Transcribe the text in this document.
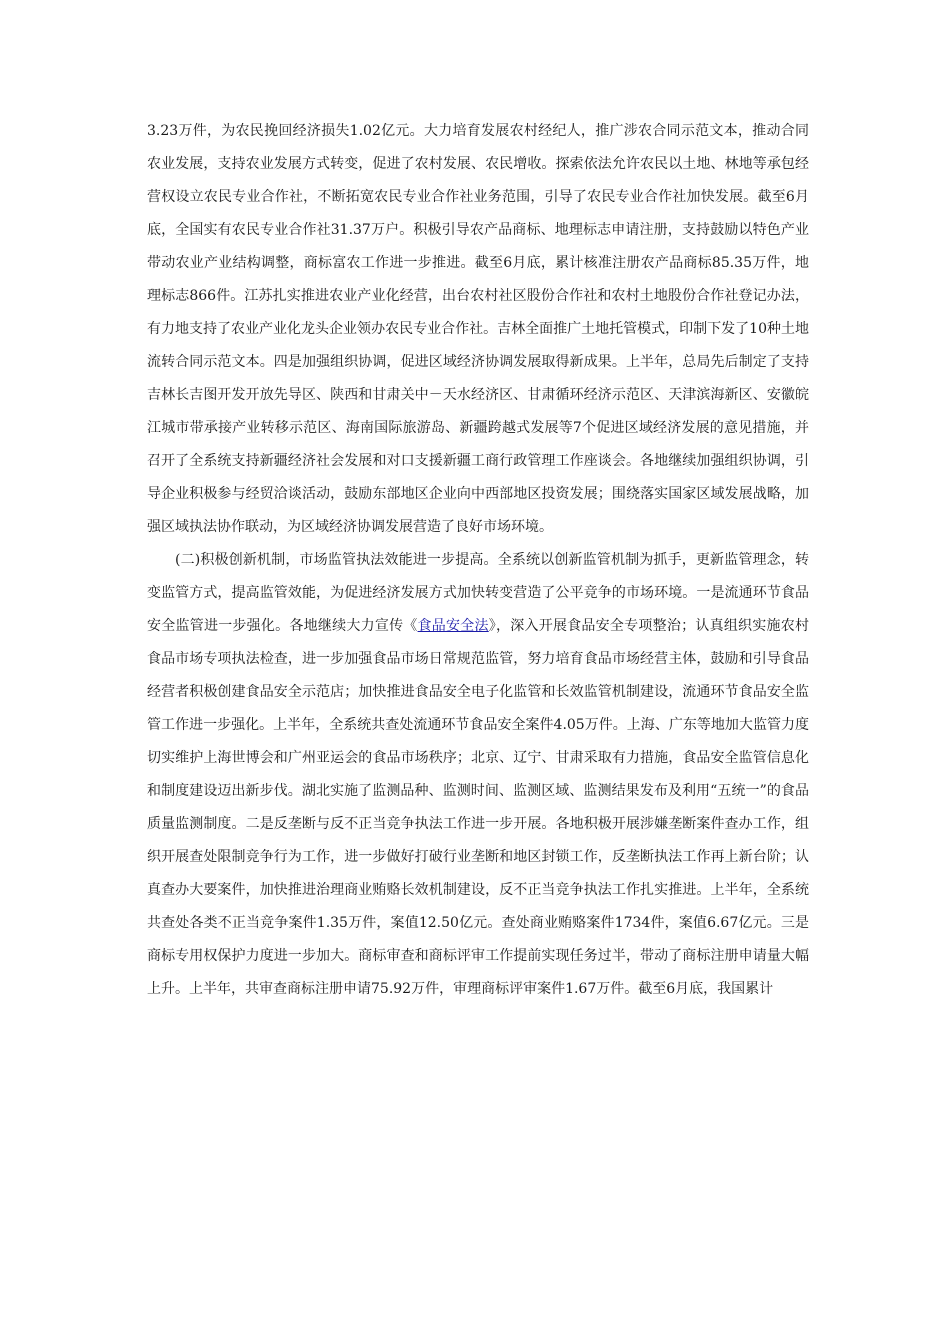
3.23万件，为农民挽回经济损失1.02亿元。大力培育发展农村经纪人，推广涉农合同示范文本，推动合同农业发展，支持农业发展方式转变，促进了农村发展、农民增收。探索依法允许农民以土地、林地等承包经营权设立农民专业合作社，不断拓宽农民专业合作社业务范围，引导了农民专业合作社加快发展。截至6月底，全国实有农民专业合作社31.37万户。积极引导农产品商标、地理标志申请注册，支持鼓励以特色产业带动农业产业结构调整，商标富农工作进一步推进。截至6月底，累计核准注册农产品商标85.35万件，地理标志866件。江苏扎实推进农业产业化经营，出台农村社区股份合作社和农村土地股份合作社登记办法，有力地支持了农业产业化龙头企业领办农民专业合作社。吉林全面推广土地托管模式，印制下发了10种土地流转合同示范文本。四是加强组织协调，促进区域经济协调发展取得新成果。上半年，总局先后制定了支持吉林长吉图开发开放先导区、陕西和甘肃关中－天水经济区、甘肃循环经济示范区、天津滨海新区、安徽皖江城市带承接产业转移示范区、海南国际旅游岛、新疆跨越式发展等7个促进区域经济发展的意见措施，并召开了全系统支持新疆经济社会发展和对口支援新疆工商行政管理工作座谈会。各地继续加强组织协调，引导企业积极参与经贸洽谈活动，鼓励东部地区企业向中西部地区投资发展；围绕落实国家区域发展战略，加强区域执法协作联动，为区域经济协调发展营造了良好市场环境。

(二)积极创新机制，市场监管执法效能进一步提高。全系统以创新监管机制为抓手，更新监管理念，转变监管方式，提高监管效能，为促进经济发展方式加快转变营造了公平竞争的市场环境。一是流通环节食品安全监管进一步强化。各地继续大力宣传《食品安全法》，深入开展食品安全专项整治；认真组织实施农村食品市场专项执法检查，进一步加强食品市场日常规范监管，努力培育食品市场经营主体，鼓励和引导食品经营者积极创建食品安全示范店；加快推进食品安全电子化监管和长效监管机制建设，流通环节食品安全监管工作进一步强化。上半年，全系统共查处流通环节食品安全案件4.05万件。上海、广东等地加大监管力度切实维护上海世博会和广州亚运会的食品市场秩序；北京、辽宁、甘肃采取有力措施，食品安全监管信息化和制度建设迈出新步伐。湖北实施了监测品种、监测时间、监测区域、监测结果发布及利用“五统一”的食品质量监测制度。二是反垄断与反不正当竞争执法工作进一步开展。各地积极开展涉嫌垄断案件查办工作，组织开展查处限制竞争行为工作，进一步做好打破行业垄断和地区封锁工作，反垄断执法工作再上新台阶；认真查办大要案件，加快推进治理商业贿赂长效机制建设，反不正当竞争执法工作扎实推进。上半年，全系统共查处各类不正当竞争案件1.35万件，案值12.50亿元。查处商业贿赂案件1734件，案值6.67亿元。三是商标专用权保护力度进一步加大。商标审查和商标评审工作提前实现任务过半，带动了商标注册申请量大幅上升。上半年，共审查商标注册申请75.92万件，审理商标评审案件1.67万件。截至6月底，我国累计
